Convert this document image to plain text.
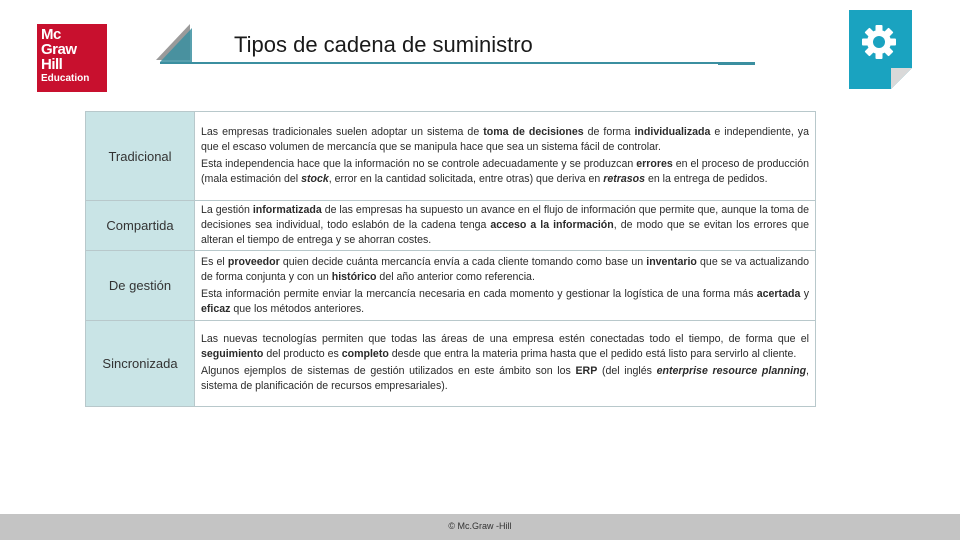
Mc
Graw
Hill
Education
Tipos de cadena de suministro
Tradicional	Las empresas tradicionales suelen adoptar un sistema de toma de decisiones de forma individualizada e independiente, ya que el escaso volumen de mercancía que se manipula hace que sea un sistema fácil de controlar.

Esta independencia hace que la información no se controle adecuadamente y se produzcan errores en el proceso de producción (mala estimación del stock, error en la cantidad solicitada, entre otras) que deriva en retrasos en la entrega de pedidos.

Compartida	La gestión informatizada de las empresas ha supuesto un avance en el flujo de información que permite que, aunque la toma de decisiones sea individual, todo eslabón de la cadena tenga acceso a la información, de modo que se evitan los errores que alteran el tiempo de entrega y se ahorran costes.

De gestión	Es el proveedor quien decide cuánta mercancía envía a cada cliente tomando como base un inventario que se va actualizando de forma conjunta y con un histórico del año anterior como referencia.

Esta información permite enviar la mercancía necesaria en cada momento y gestionar la logística de una forma más acertada y eficaz que los métodos anteriores.

Sincronizada	Las nuevas tecnologías permiten que todas las áreas de una empresa estén conectadas todo el tiempo, de forma que el seguimiento del producto es completo desde que entra la materia prima hasta que el pedido está listo para servirlo al cliente.

Algunos ejemplos de sistemas de gestión utilizados en este ámbito son los ERP (del inglés enterprise resource planning, sistema de planificación de recursos empresariales).

© Mc.Graw -Hill
